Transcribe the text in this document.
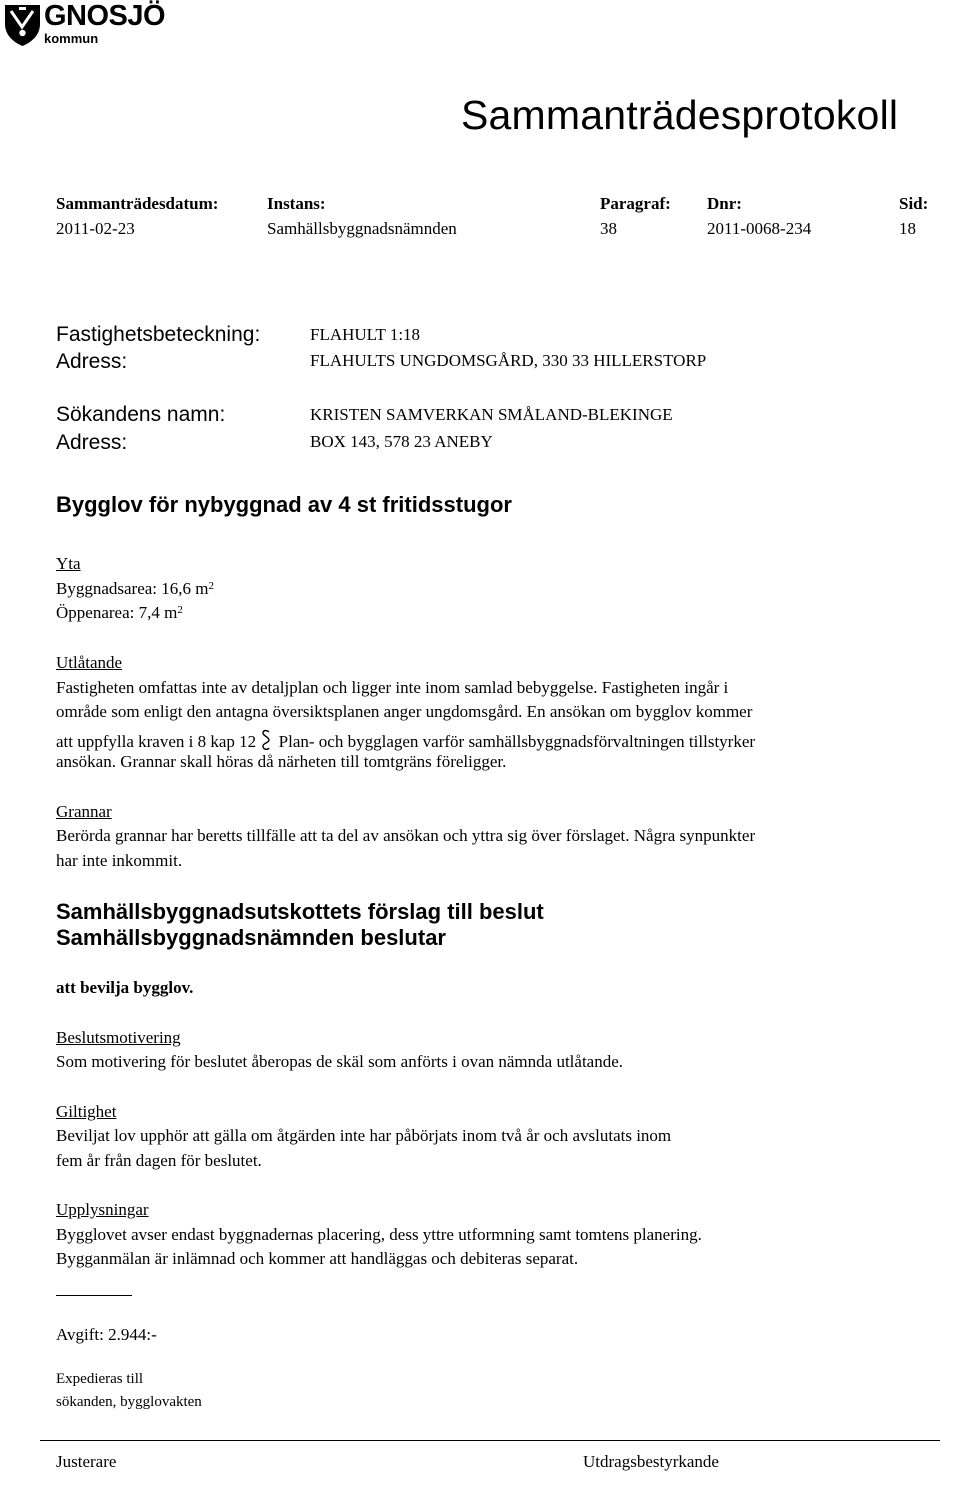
GNOSJÖ
kommun
Sammanträdesprotokoll
Sammanträdesdatum:
2011-02-23
Instans:
Samhällsbyggnadsnämnden
Paragraf:
38
Dnr:
2011-0068-234
Sid:
18
Fastighetsbeteckning:	FLAHULT 1:18
Adress:	FLAHULTS UNGDOMSGÅRD, 330 33 HILLERSTORP
Sökandens namn:	KRISTEN SAMVERKAN SMÅLAND-BLEKINGE
Adress:	BOX 143, 578 23 ANEBY
Bygglov för nybyggnad av 4 st fritidsstugor
Yta
Byggnadsarea: 16,6 $m^2$
Öppenarea: 7,4 $m^2$
Utlåtande
Fastigheten omfattas inte av detaljplan och ligger inte inom samlad bebyggelse. Fastigheten ingår i
område som enligt den antagna översiktsplanen anger ungdomsgård. En ansökan om bygglov kommer
att uppfylla kraven i 8 kap 12 Plan- och bygglagen varför samhällsbyggnadsförvaltningen tillstyrker
ansökan. Grannar skall höras då närheten till tomtgräns föreligger.
Grannar
Berörda grannar har beretts tillfälle att ta del av ansökan och yttra sig över förslaget. Några synpunkter
har inte inkommit.
Samhällsbyggnadsutskottets förslag till beslut
Samhällsbyggnadsnämnden beslutar
att bevilja bygglov.
Beslutsmotivering
Som motivering för beslutet åberopas de skäl som anförts i ovan nämnda utlåtande.
Giltighet
Beviljat lov upphör att gälla om åtgärden inte har påbörjats inom två år och avslutats inom
fem år från dagen för beslutet.
Upplysningar
Bygglovet avser endast byggnadernas placering, dess yttre utformning samt tomtens planering.
Bygganmälan är inlämnad och kommer att handläggas och debiteras separat.
Avgift: 2.944:-
Expedieras till
sökanden, bygglovakten
Justerare	Utdragsbestyrkande
